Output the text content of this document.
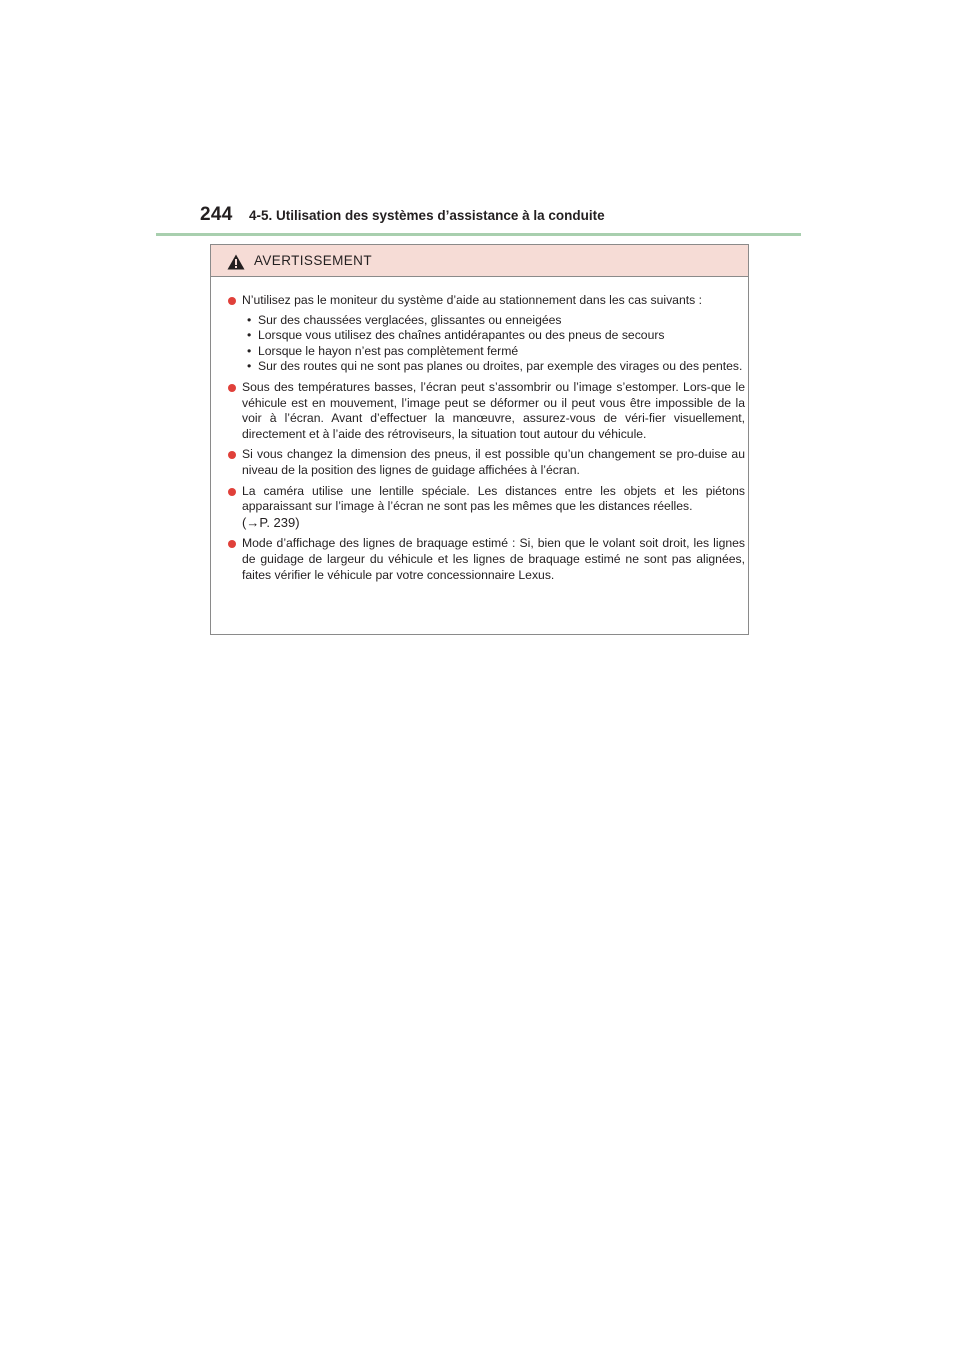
244 4-5. Utilisation des systèmes d’assistance à la conduite
AVERTISSEMENT
N’utilisez pas le moniteur du système d’aide au stationnement dans les cas suivants :
• Sur des chaussées verglacées, glissantes ou enneigées
• Lorsque vous utilisez des chaînes antidérapantes ou des pneus de secours
• Lorsque le hayon n’est pas complètement fermé
• Sur des routes qui ne sont pas planes ou droites, par exemple des virages ou des pentes.
Sous des températures basses, l’écran peut s’assombrir ou l’image s’estomper. Lors-que le véhicule est en mouvement, l’image peut se déformer ou il peut vous être impossible de la voir à l’écran. Avant d’effectuer la manœuvre, assurez-vous de véri-fier visuellement, directement et à l’aide des rétroviseurs, la situation tout autour du véhicule.
Si vous changez la dimension des pneus, il est possible qu’un changement se pro-duise au niveau de la position des lignes de guidage affichées à l’écran.
La caméra utilise une lentille spéciale. Les distances entre les objets et les piétons apparaissant sur l’image à l’écran ne sont pas les mêmes que les distances réelles.
(→P. 239)
Mode d’affichage des lignes de braquage estimé : Si, bien que le volant soit droit, les lignes de guidage de largeur du véhicule et les lignes de braquage estimé ne sont pas alignées, faites vérifier le véhicule par votre concessionnaire Lexus.
